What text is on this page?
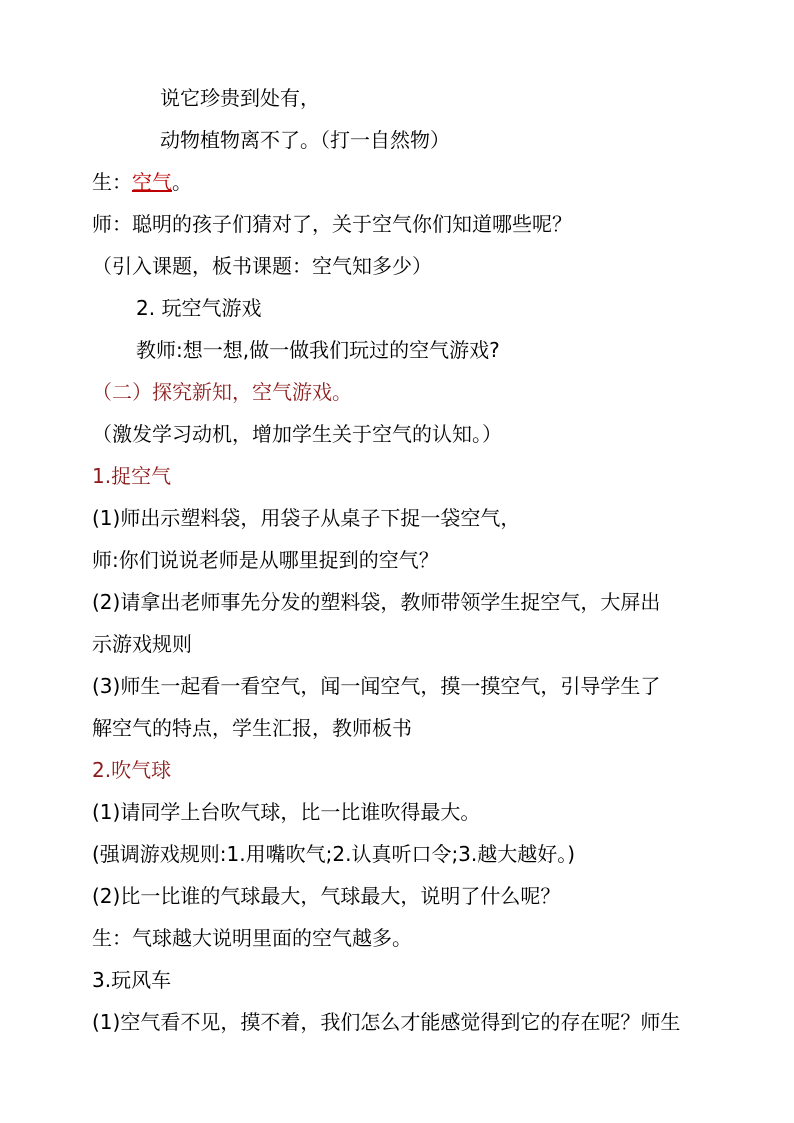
说它珍贵到处有，
动物植物离不了。（打一自然物）
生：空气。
师：聪明的孩子们猜对了，关于空气你们知道哪些呢？
（引入课题，板书课题：空气知多少）
2. 玩空气游戏
教师:想一想,做一做我们玩过的空气游戏?
（二）探究新知，空气游戏。
（激发学习动机，增加学生关于空气的认知。）
1.捉空气
(1)师出示塑料袋，用袋子从桌子下捉一袋空气，
师:你们说说老师是从哪里捉到的空气？
(2)请拿出老师事先分发的塑料袋，教师带领学生捉空气，大屏出
示游戏规则
(3)师生一起看一看空气，闻一闻空气，摸一摸空气，引导学生了
解空气的特点，学生汇报，教师板书
2.吹气球
(1)请同学上台吹气球，比一比谁吹得最大。
(强调游戏规则:1.用嘴吹气;2.认真听口令;3.越大越好。)
(2)比一比谁的气球最大，气球最大，说明了什么呢？
生：气球越大说明里面的空气越多。
3.玩风车
(1)空气看不见，摸不着，我们怎么才能感觉得到它的存在呢？师生
